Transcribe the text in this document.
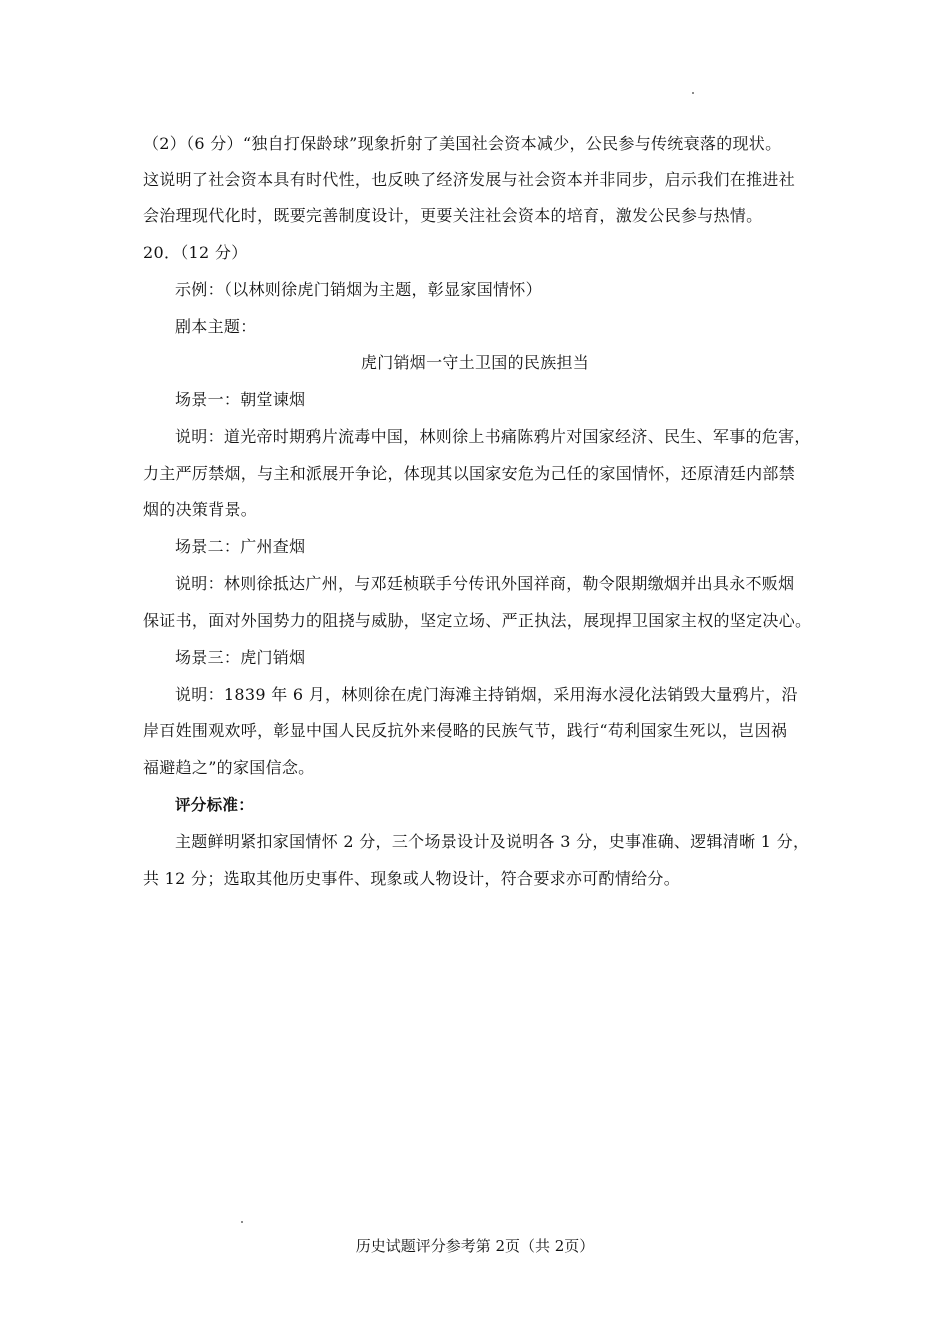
（2）（6 分）“独自打保龄球”现象折射了美国社会资本减少，公民参与传统衰落的现状。
这说明了社会资本具有时代性，也反映了经济发展与社会资本并非同步，启示我们在推进社
会治理现代化时，既要完善制度设计，更要关注社会资本的培育，激发公民参与热情。
20．（12 分）
示例：（以林则徐虎门销烟为主题，彰显家国情怀）
剧本主题：
虎门销烟一守土卫国的民族担当
场景一：朝堂谏烟
说明：道光帝时期鸦片流毒中国，林则徐上书痛陈鸦片对国家经济、民生、军事的危害，
力主严厉禁烟，与主和派展开争论，体现其以国家安危为己任的家国情怀，还原清廷内部禁
烟的决策背景。
场景二：广州查烟
说明：林则徐抵达广州，与邓廷桢联手兮传讯外国祥商，勒令限期缴烟并出具永不贩烟
保证书，面对外国势力的阻挠与威胁，坚定立场、严正执法，展现捍卫国家主权的坚定决心。
场景三：虎门销烟
说明：1839 年 6 月，林则徐在虎门海滩主持销烟，采用海水浸化法销毁大量鸦片，沿
岸百姓围观欢呼，彰显中国人民反抗外来侵略的民族气节，践行“苟利国家生死以，岂因祸
福避趋之”的家国信念。
评分标准：
主题鲜明紧扣家国情怀 2 分，三个场景设计及说明各 3 分，史事准确、逻辑清晰 1 分，
共 12 分；选取其他历史事件、现象或人物设计，符合要求亦可酌情给分。
历史试题评分参考第 2页（共 2页）
